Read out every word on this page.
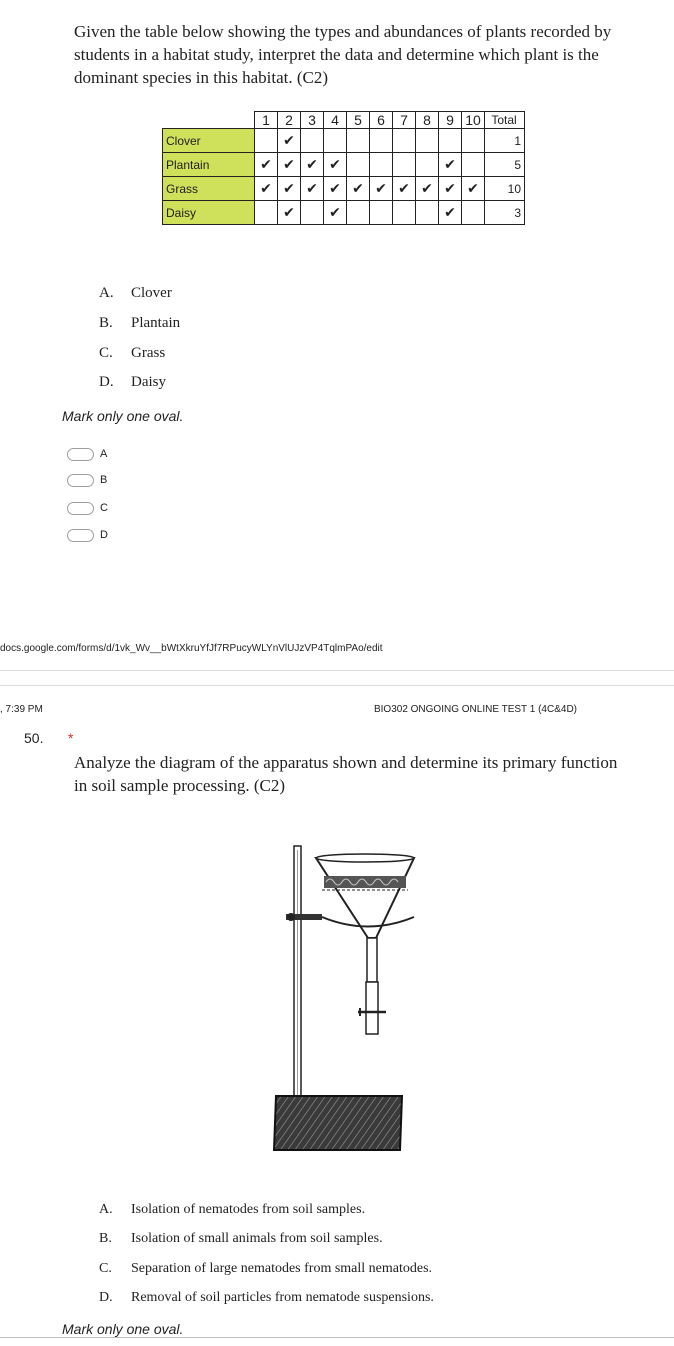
Given the table below showing the types and abundances of plants recorded by students in a habitat study, interpret the data and determine which plant is the dominant species in this habitat. (C2)
	1	2	3	4	5	6	7	8	9	10	Total
Clover		✔									1
Plantain	✔	✔	✔	✔					✔		5
Grass	✔	✔	✔	✔	✔	✔	✔	✔	✔	✔	10
Daisy		✔		✔					✔		3
A. Clover
B. Plantain
C. Grass
D. Daisy
Mark only one oval.
A
B
C
D
docs.google.com/forms/d/1vk_Wv__bWtXkruYfJf7RPucyWLYnVlUJzVP4TqlmPAo/edit
, 7:39 PM	BIO302 ONGOING ONLINE TEST 1 (4C&4D)
50. *
Analyze the diagram of the apparatus shown and determine its primary function in soil sample processing. (C2)
A. Isolation of nematodes from soil samples.
B. Isolation of small animals from soil samples.
C. Separation of large nematodes from small nematodes.
D. Removal of soil particles from nematode suspensions.
Mark only one oval.
